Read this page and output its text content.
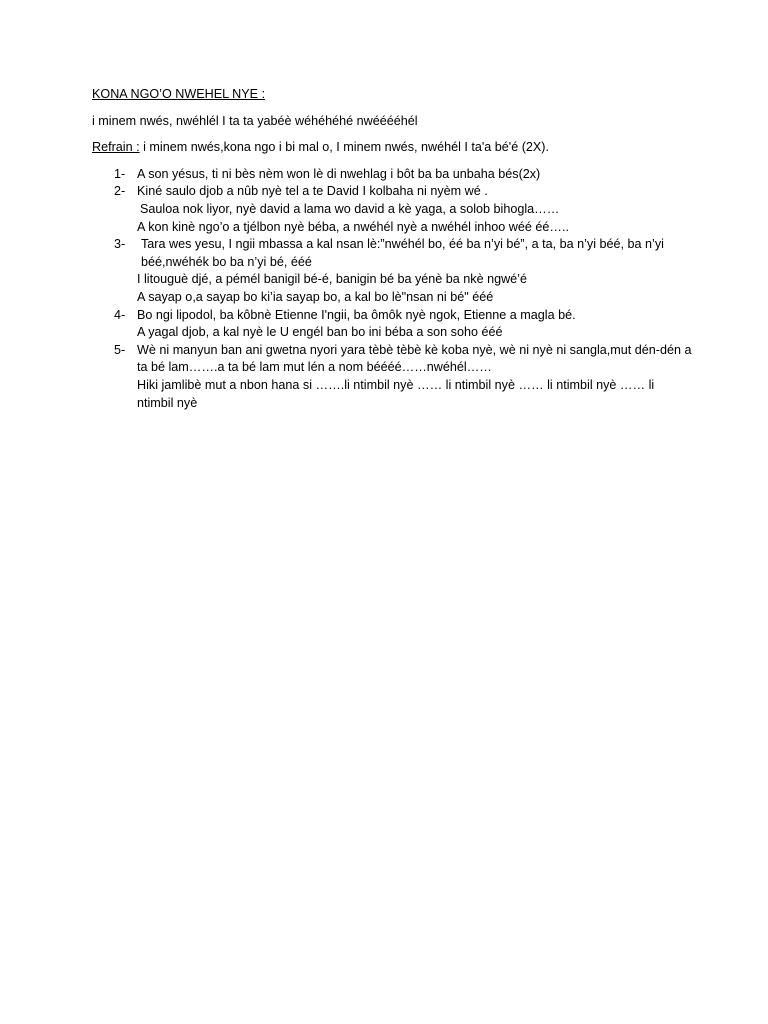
KONA NGO’O NWEHEL NYE :
i minem nwés, nwéhlél I ta ta yabéè wéhéhéhé nwééééhél
Refrain : i minem nwés,kona ngo i bi mal o, I minem nwés, nwéhél I ta'a bé'é (2X).
1- A son yésus, ti ni bès nèm won lè di nwehlag i bôt ba ba unbaha bés(2x)
2- Kiné saulo djob a nûb nyè tel a te David I kolbaha ni nyèm wé .
Sauloa nok liyor, nyè david a lama wo david a kè yaga, a solob bihogla……
A kon kinè ngo’o a tjélbon nyè béba, a nwéhél nyè a nwéhél inhoo wéé éé…..
3-	Tara wes yesu, I ngii mbassa a kal nsan lè:”nwéhél bo, éé ba n’yi bé”, a ta, ba n’yi béé, ba n’yi béé,nwéhék bo ba n’yi bé, ééé
I litouguè djé, a pémél banigil bé-é, banigin bé ba yénè ba nkè ngwé’é
A sayap o,a sayap bo ki’ia sayap bo, a kal bo lè"nsan ni bé" ééé
4- Bo ngi lipodol, ba kôbnè Etienne I'ngii, ba ômôk nyè ngok, Etienne a magla bé.
A yagal djob, a kal nyè le U engél ban bo ini béba a son soho ééé
5- Wè ni manyun ban ani gwetna nyori yara tèbè tèbè kè koba nyè, wè ni nyè ni sangla,mut dén-dén a ta bé lam…….a ta bé lam mut lén a nom béééé……nwéhél……
Hiki jamlibè mut a nbon hana si …….li ntimbil nyè …… li ntimbil nyè …… li ntimbil nyè …… li ntimbil nyè
